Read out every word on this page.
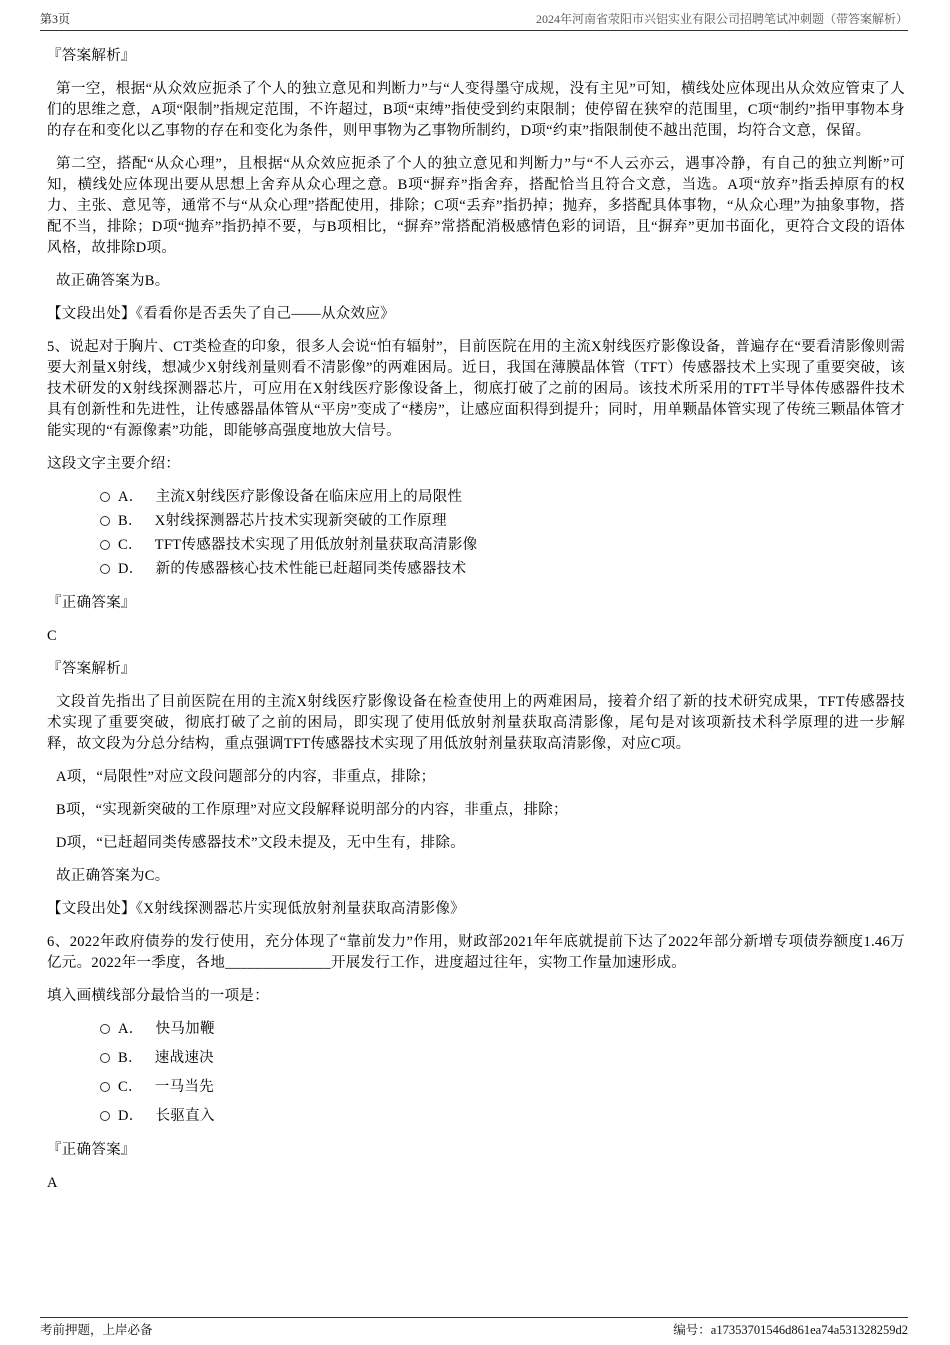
第3页	2024年河南省荥阳市兴铝实业有限公司招聘笔试冲刺题（带答案解析）

『答案解析』

第一空，根据“从众效应扼杀了个人的独立意见和判断力”与“人变得墨守成规，没有主见”可知，横线处应体现出从众效应管束了人们的思维之意，A项“限制”指规定范围，不许超过，B项“束缚”指使受到约束限制；使停留在狭窄的范围里，C项“制约”指甲事物本身的存在和变化以乙事物的存在和变化为条件，则甲事物为乙事物所制约，D项“约束”指限制使不越出范围，均符合文意，保留。

第二空，搭配“从众心理”，且根据“从众效应扼杀了个人的独立意见和判断力”与“不人云亦云，遇事冷静，有自己的独立判断”可知，横线处应体现出要从思想上舍弃从众心理之意。B项“摒弃”指舍弃，搭配恰当且符合文意，当选。A项“放弃”指丢掉原有的权力、主张、意见等，通常不与“从众心理”搭配使用，排除；C项“丢弃”指扔掉；抛弃，多搭配具体事物，“从众心理”为抽象事物，搭配不当，排除；D项“抛弃”指扔掉不要，与B项相比，“摒弃”常搭配消极感情色彩的词语，且“摒弃”更加书面化，更符合文段的语体风格，故排除D项。

故正确答案为B。

【文段出处】《看看你是否丢失了自己——从众效应》

5、说起对于胸片、CT类检查的印象，很多人会说“怕有辐射”，目前医院在用的主流X射线医疗影像设备，普遍存在“要看清影像则需要大剂量X射线，想减少X射线剂量则看不清影像”的两难困局。近日，我国在薄膜晶体管（TFT）传感器技术上实现了重要突破，该技术研发的X射线探测器芯片，可应用在X射线医疗影像设备上，彻底打破了之前的困局。该技术所采用的TFT半导体传感器件技术具有创新性和先进性，让传感器晶体管从“平房”变成了“楼房”，让感应面积得到提升；同时，用单颗晶体管实现了传统三颗晶体管才能实现的“有源像素”功能，即能够高强度地放大信号。

这段文字主要介绍：

A． 主流X射线医疗影像设备在临床应用上的局限性
B． X射线探测器芯片技术实现新突破的工作原理
C． TFT传感器技术实现了用低放射剂量获取高清影像
D． 新的传感器核心技术性能已赶超同类传感器技术

『正确答案』

C

『答案解析』

文段首先指出了目前医院在用的主流X射线医疗影像设备在检查使用上的两难困局，接着介绍了新的技术研究成果，TFT传感器技术实现了重要突破，彻底打破了之前的困局，即实现了使用低放射剂量获取高清影像，尾句是对该项新技术科学原理的进一步解释，故文段为分总分结构，重点强调TFT传感器技术实现了用低放射剂量获取高清影像，对应C项。

A项，“局限性”对应文段问题部分的内容，非重点，排除；

B项，“实现新突破的工作原理”对应文段解释说明部分的内容，非重点，排除；

D项，“已赶超同类传感器技术”文段未提及，无中生有，排除。

故正确答案为C。

【文段出处】《X射线探测器芯片实现低放射剂量获取高清影像》

6、2022年政府债券的发行使用，充分体现了“靠前发力”作用，财政部2021年年底就提前下达了2022年部分新增专项债券额度1.46万亿元。2022年一季度，各地______________开展发行工作，进度超过往年，实物工作量加速形成。

填入画横线部分最恰当的一项是：

A． 快马加鞭
B． 速战速决
C． 一马当先
D． 长驱直入

『正确答案』

A

考前押题，上岸必备	编号：a17353701546d861ea74a531328259d2
